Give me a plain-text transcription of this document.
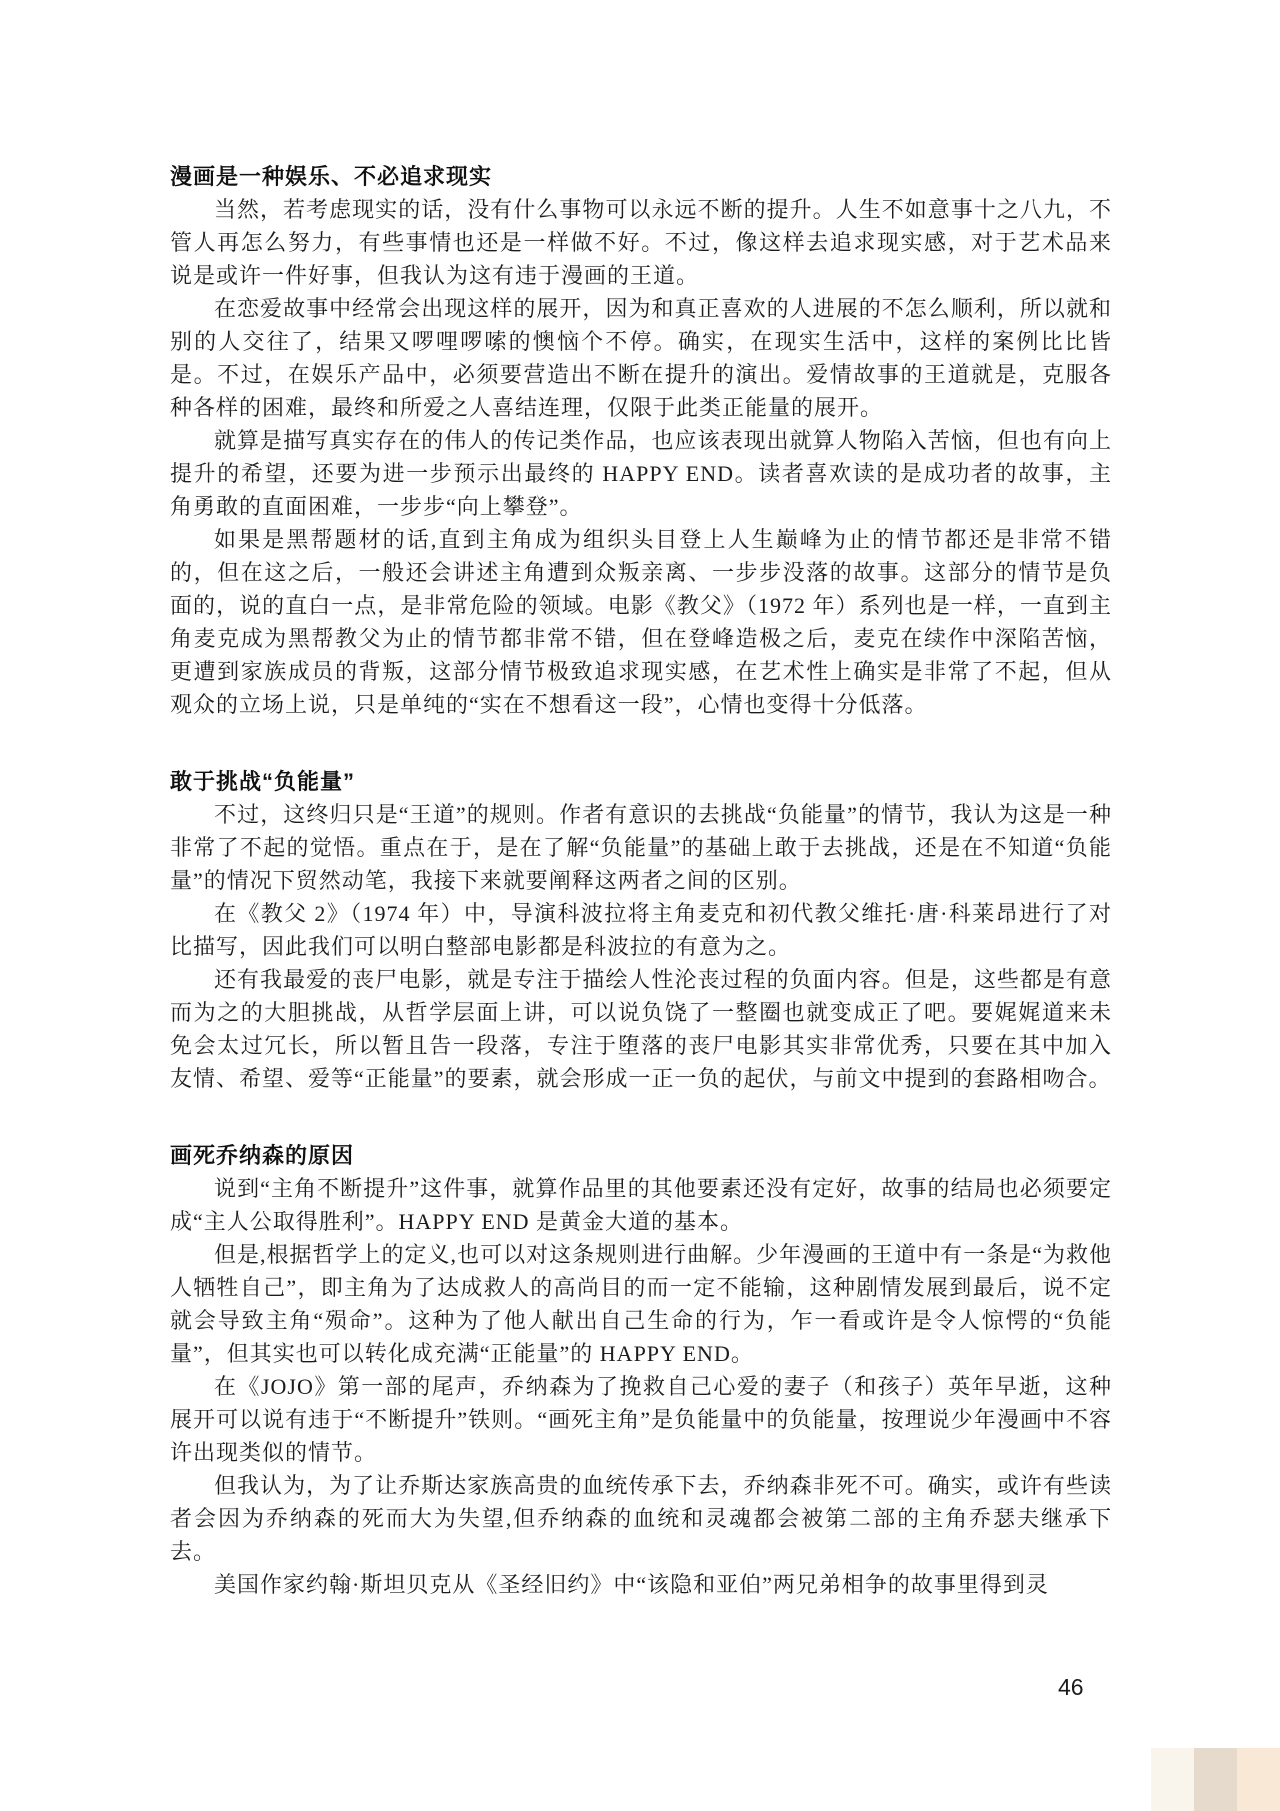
漫画是一种娱乐、不必追求现实

当然，若考虑现实的话，没有什么事物可以永远不断的提升。人生不如意事十之八九，不管人再怎么努力，有些事情也还是一样做不好。不过，像这样去追求现实感，对于艺术品来说是或许一件好事，但我认为这有违于漫画的王道。

在恋爱故事中经常会出现这样的展开，因为和真正喜欢的人进展的不怎么顺利，所以就和别的人交往了，结果又啰哩啰嗦的懊恼个不停。确实，在现实生活中，这样的案例比比皆是。不过，在娱乐产品中，必须要营造出不断在提升的演出。爱情故事的王道就是，克服各种各样的困难，最终和所爱之人喜结连理，仅限于此类正能量的展开。

就算是描写真实存在的伟人的传记类作品，也应该表现出就算人物陷入苦恼，但也有向上提升的希望，还要为进一步预示出最终的 HAPPY END。读者喜欢读的是成功者的故事，主角勇敢的直面困难，一步步“向上攀登”。

如果是黑帮题材的话,直到主角成为组织头目登上人生巅峰为止的情节都还是非常不错的，但在这之后，一般还会讲述主角遭到众叛亲离、一步步没落的故事。这部分的情节是负面的，说的直白一点，是非常危险的领域。电影《教父》（1972 年）系列也是一样，一直到主角麦克成为黑帮教父为止的情节都非常不错，但在登峰造极之后，麦克在续作中深陷苦恼，更遭到家族成员的背叛，这部分情节极致追求现实感，在艺术性上确实是非常了不起，但从观众的立场上说，只是单纯的“实在不想看这一段”，心情也变得十分低落。

敢于挑战“负能量”

不过，这终归只是“王道”的规则。作者有意识的去挑战“负能量”的情节，我认为这是一种非常了不起的觉悟。重点在于，是在了解“负能量”的基础上敢于去挑战，还是在不知道“负能量”的情况下贸然动笔，我接下来就要阐释这两者之间的区别。

在《教父 2》（1974 年）中，导演科波拉将主角麦克和初代教父维托·唐·科莱昂进行了对比描写，因此我们可以明白整部电影都是科波拉的有意为之。

还有我最爱的丧尸电影，就是专注于描绘人性沦丧过程的负面内容。但是，这些都是有意而为之的大胆挑战，从哲学层面上讲，可以说负饶了一整圈也就变成正了吧。要娓娓道来未免会太过冗长，所以暂且告一段落，专注于堕落的丧尸电影其实非常优秀，只要在其中加入友情、希望、爱等“正能量”的要素，就会形成一正一负的起伏，与前文中提到的套路相吻合。

画死乔纳森的原因

说到“主角不断提升”这件事，就算作品里的其他要素还没有定好，故事的结局也必须要定成“主人公取得胜利”。HAPPY END 是黄金大道的基本。

但是,根据哲学上的定义,也可以对这条规则进行曲解。少年漫画的王道中有一条是“为救他人牺牲自己”，即主角为了达成救人的高尚目的而一定不能输，这种剧情发展到最后，说不定就会导致主角“殒命”。这种为了他人献出自己生命的行为，乍一看或许是令人惊愕的“负能量”，但其实也可以转化成充满“正能量”的 HAPPY END。

在《JOJO》第一部的尾声，乔纳森为了挽救自己心爱的妻子（和孩子）英年早逝，这种展开可以说有违于“不断提升”铁则。“画死主角”是负能量中的负能量，按理说少年漫画中不容许出现类似的情节。

但我认为，为了让乔斯达家族高贵的血统传承下去，乔纳森非死不可。确实，或许有些读者会因为乔纳森的死而大为失望,但乔纳森的血统和灵魂都会被第二部的主角乔瑟夫继承下去。

美国作家约翰·斯坦贝克从《圣经旧约》中“该隐和亚伯”两兄弟相争的故事里得到灵

46
